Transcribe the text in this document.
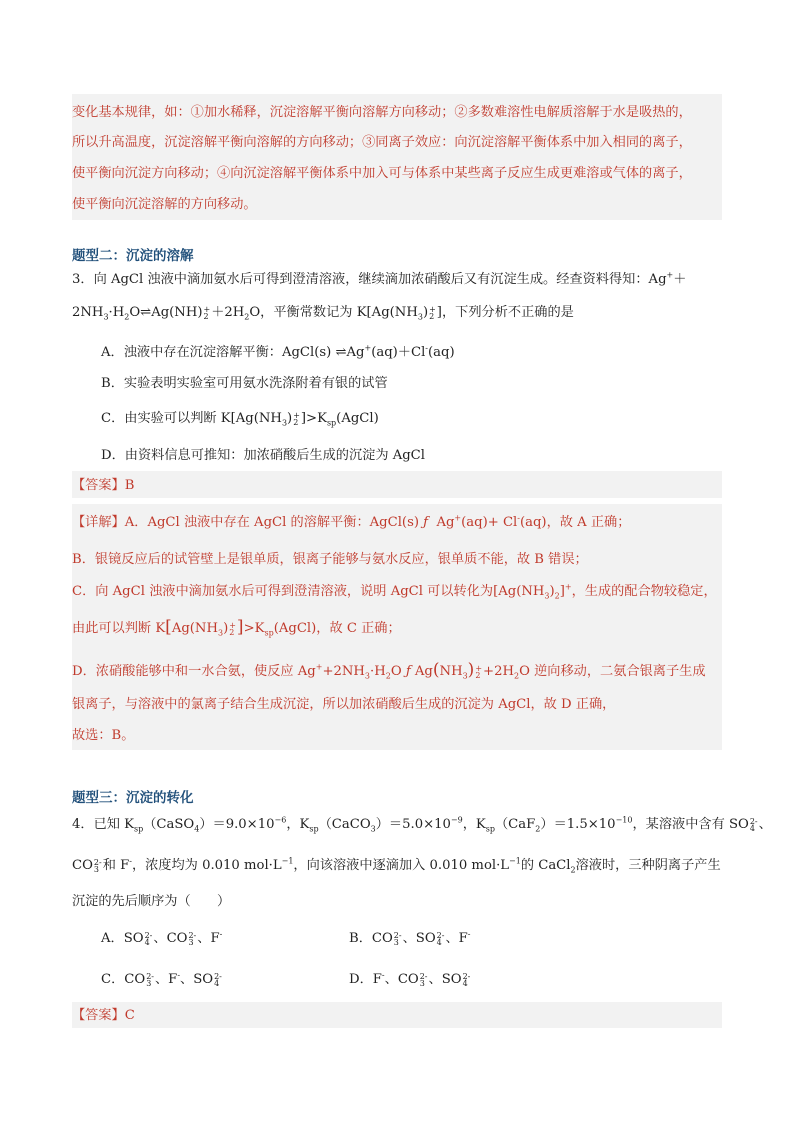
变化基本规律，如：①加水稀释，沉淀溶解平衡向溶解方向移动；②多数难溶性电解质溶解于水是吸热的，
所以升高温度，沉淀溶解平衡向溶解的方向移动；③同离子效应：向沉淀溶解平衡体系中加入相同的离子，
使平衡向沉淀方向移动；④向沉淀溶解平衡体系中加入可与体系中某些离子反应生成更难溶或气体的离子，
使平衡向沉淀溶解的方向移动。
题型二：沉淀的溶解
3．向 AgCl 浊液中滴加氨水后可得到澄清溶液，继续滴加浓硝酸后又有沉淀生成。经查资料得知：Ag+＋
$2NH_3\cdot H_2O\rightleftharpoons Ag(NH)$ +
$2 +2H_2O$，平衡常数记为 $K[Ag(NH_3)$ +
2 ]，下列分析不正确的是
A．浊液中存在沉淀溶解平衡：AgCl(s) ⇌Ag+(aq)＋Cl-(aq)
B．实验表明实验室可用氨水洗涤附着有银的试管
C．由实验可以判断 $K[Ag(NH_3)$ +
2 ]$>K_{sp}(AgCl)$
D．由资料信息可推知：加浓硝酸后生成的沉淀为 AgCl
【答案】B
【详解】A．AgCl 浊液中存在 AgCl 的溶解平衡：AgCl(s) ƒ Ag+(aq)+ Cl-(aq)，故 A 正确；
B．银镜反应后的试管壁上是银单质，银离子能够与氨水反应，银单质不能，故 B 错误；
C．向 AgCl 浊液中滴加氨水后可得到澄清溶液，说明 AgCl 可以转化为$[Ag(NH_3)_2]^+$，生成的配合物较稳定，
由此可以判断 $K[Ag(NH_3)$ +
2 ]$>K_{sp}(AgCl)$，故 C 正确；
D．浓硝酸能够中和一水合氨，使反应 $Ag^++2NH_3\cdot H_2O$ ƒ $Ag(NH_3)$ +
$2 +2H_2O$ 逆向移动，二氨合银离子生成
银离子，与溶液中的氯离子结合生成沉淀，所以加浓硝酸后生成的沉淀为 AgCl，故 D 正确，
故选：B。
题型三：沉淀的转化
4．已知 $K_{sp}(CaSO_4)=9.0\times 10^{-6}$，$K_{sp}(CaCO_3)=5.0\times 10^{-9}$，$K_{sp}(CaF_2)=1.5\times 10^{-10}$，某溶液中含有 SO 2-
4 、
CO 2-
3 和 F-，浓度均为 0.010 $mol\cdot L^{-1}$，向该溶液中逐滴加入 0.010 $mol\cdot L^{-1}$的 CaCl$_2$溶液时，三种阴离子产生
沉淀的先后顺序为（　　）
A．SO 2-
4 、CO 2-
3 、F-	B．CO 2-
3 、SO 2-
4 、F-
C．CO 2-
3 、F-、SO 2-
4	D．F-、CO 2-
3 、SO 2-
4
【答案】C
